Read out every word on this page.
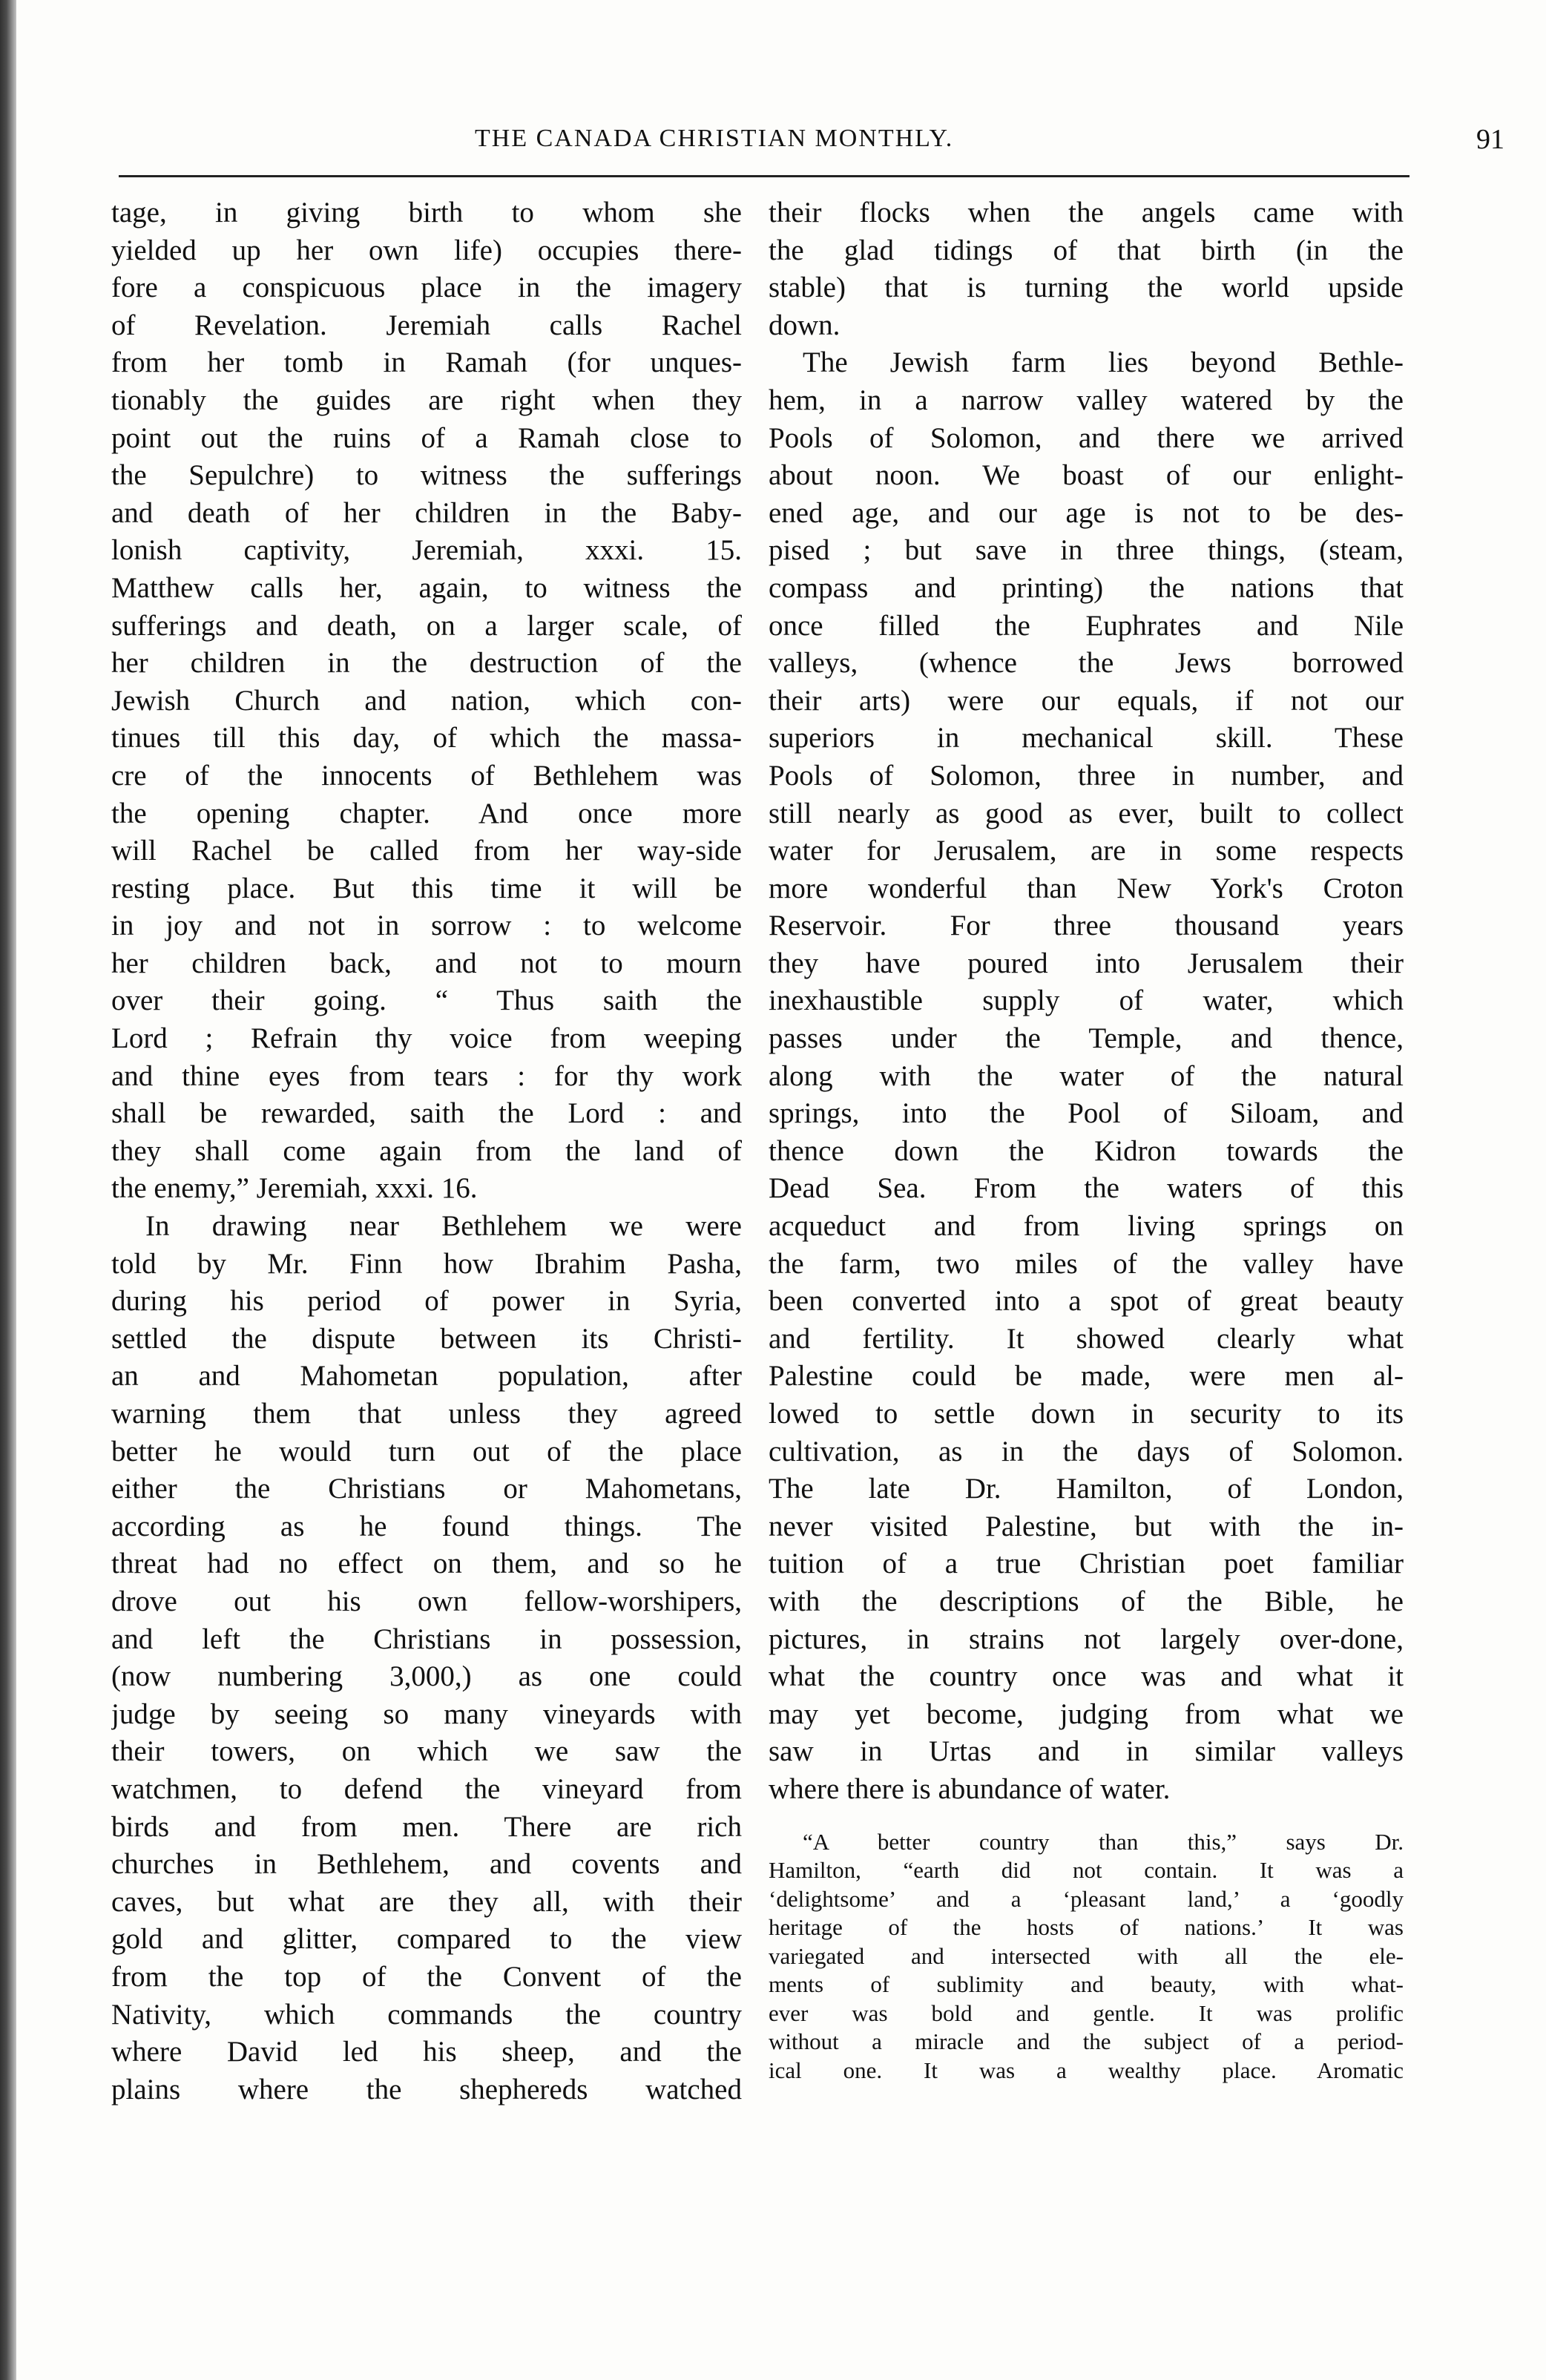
THE CANADA CHRISTIAN MONTHLY.	91
tage, in giving birth to whom she
yielded up her own life) occupies there-
fore a conspicuous place in the imagery
of Revelation. Jeremiah calls Rachel
from her tomb in Ramah (for unques-
tionably the guides are right when they
point out the ruins of a Ramah close to
the Sepulchre) to witness the sufferings
and death of her children in the Baby-
lonish captivity, Jeremiah, xxxi. 15.
Matthew calls her, again, to witness the
sufferings and death, on a larger scale, of
her children in the destruction of the
Jewish Church and nation, which con-
tinues till this day, of which the massa-
cre of the innocents of Bethlehem was
the opening chapter. And once more
will Rachel be called from her way-side
resting place. But this time it will be
in joy and not in sorrow : to welcome
her children back, and not to mourn
over their going. “ Thus saith the
Lord ; Refrain thy voice from weeping
and thine eyes from tears : for thy work
shall be rewarded, saith the Lord : and
they shall come again from the land of
the enemy,” Jeremiah, xxxi. 16.
In drawing near Bethlehem we were
told by Mr. Finn how Ibrahim Pasha,
during his period of power in Syria,
settled the dispute between its Christi-
an and Mahometan population, after
warning them that unless they agreed
better he would turn out of the place
either the Christians or Mahometans,
according as he found things. The
threat had no effect on them, and so he
drove out his own fellow-worshipers,
and left the Christians in possession,
(now numbering 3,000,) as one could
judge by seeing so many vineyards with
their towers, on which we saw the
watchmen, to defend the vineyard from
birds and from men. There are rich
churches in Bethlehem, and covents and
caves, but what are they all, with their
gold and glitter, compared to the view
from the top of the Convent of the
Nativity, which commands the country
where David led his sheep, and the
plains where the shephereds watched
their flocks when the angels came with
the glad tidings of that birth (in the
stable) that is turning the world upside
down.
The Jewish farm lies beyond Bethle-
hem, in a narrow valley watered by the
Pools of Solomon, and there we arrived
about noon. We boast of our enlight-
ened age, and our age is not to be des-
pised ; but save in three things, (steam,
compass and printing) the nations that
once filled the Euphrates and Nile
valleys, (whence the Jews borrowed
their arts) were our equals, if not our
superiors in mechanical skill. These
Pools of Solomon, three in number, and
still nearly as good as ever, built to collect
water for Jerusalem, are in some respects
more wonderful than New York's Croton
Reservoir. For three thousand years
they have poured into Jerusalem their
inexhaustible supply of water, which
passes under the Temple, and thence,
along with the water of the natural
springs, into the Pool of Siloam, and
thence down the Kidron towards the
Dead Sea. From the waters of this
acqueduct and from living springs on
the farm, two miles of the valley have
been converted into a spot of great beauty
and fertility. It showed clearly what
Palestine could be made, were men al-
lowed to settle down in security to its
cultivation, as in the days of Solomon.
The late Dr. Hamilton, of London,
never visited Palestine, but with the in-
tuition of a true Christian poet familiar
with the descriptions of the Bible, he
pictures, in strains not largely over-done,
what the country once was and what it
may yet become, judging from what we
saw in Urtas and in similar valleys
where there is abundance of water.
“A better country than this,” says Dr.
Hamilton, “earth did not contain. It was a
‘delightsome’ and a ‘pleasant land,’ a ‘goodly
heritage of the hosts of nations.’ It was
variegated and intersected with all the ele-
ments of sublimity and beauty, with what-
ever was bold and gentle. It was prolific
without a miracle and the subject of a period-
ical one. It was a wealthy place. Aromatic
